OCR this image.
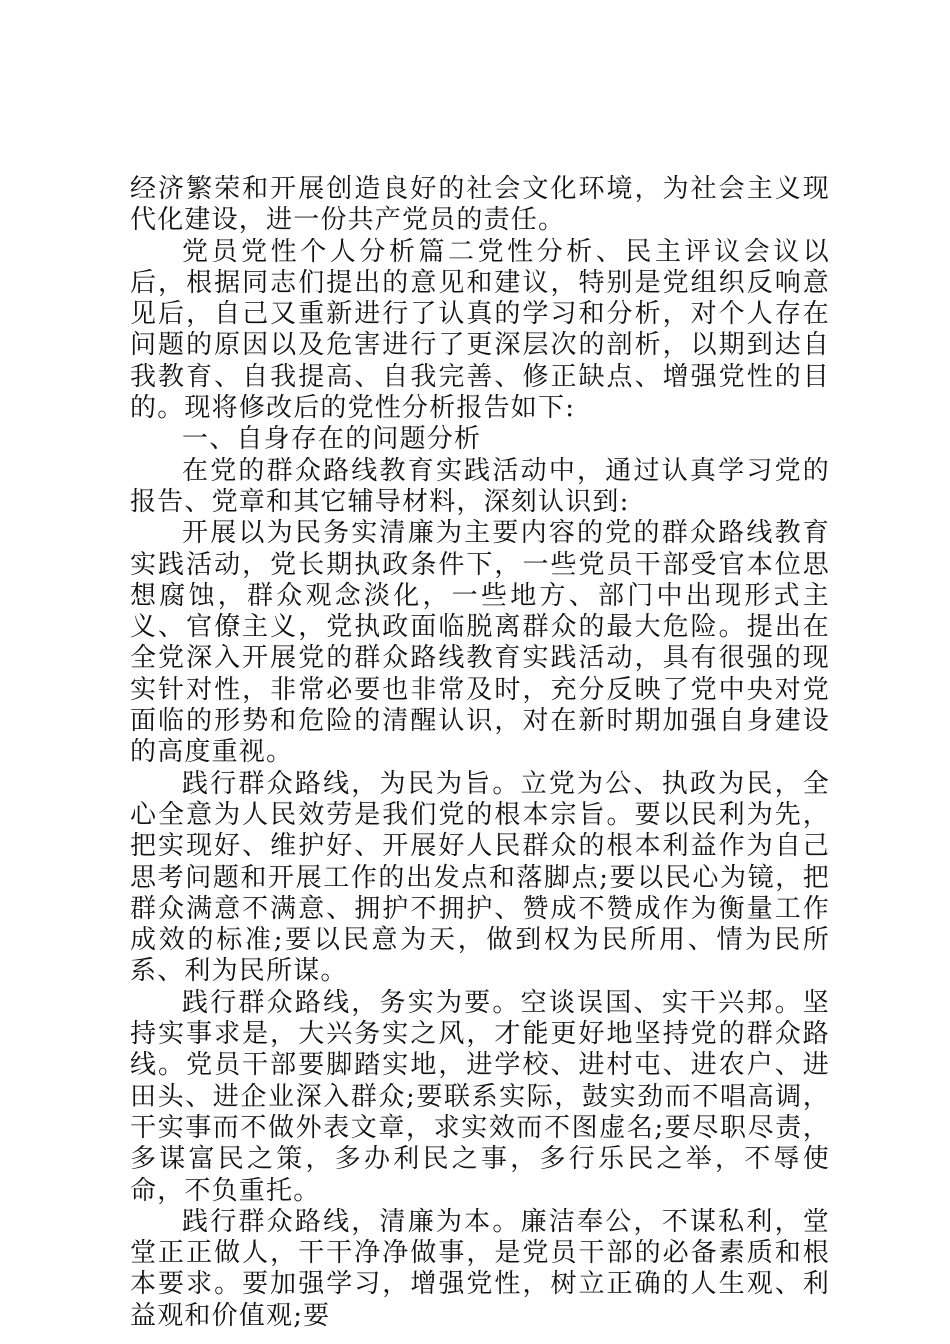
经济繁荣和开展创造良好的社会文化环境，为社会主义现代化建设，进一份共产党员的责任。

党员党性个人分析篇二党性分析、民主评议会议以后，根据同志们提出的意见和建议，特别是党组织反响意见后，自己又重新进行了认真的学习和分析，对个人存在问题的原因以及危害进行了更深层次的剖析，以期到达自我教育、自我提高、自我完善、修正缺点、增强党性的目的。现将修改后的党性分析报告如下:

一、自身存在的问题分析

在党的群众路线教育实践活动中，通过认真学习党的报告、党章和其它辅导材料，深刻认识到:

开展以为民务实清廉为主要内容的党的群众路线教育实践活动，党长期执政条件下，一些党员干部受官本位思想腐蚀，群众观念淡化，一些地方、部门中出现形式主义、官僚主义，党执政面临脱离群众的最大危险。提出在全党深入开展党的群众路线教育实践活动，具有很强的现实针对性，非常必要也非常及时，充分反映了党中央对党面临的形势和危险的清醒认识，对在新时期加强自身建设的高度重视。

践行群众路线，为民为旨。立党为公、执政为民，全心全意为人民效劳是我们党的根本宗旨。要以民利为先，把实现好、维护好、开展好人民群众的根本利益作为自己思考问题和开展工作的出发点和落脚点;要以民心为镜，把群众满意不满意、拥护不拥护、赞成不赞成作为衡量工作成效的标准;要以民意为天，做到权为民所用、情为民所系、利为民所谋。

践行群众路线，务实为要。空谈误国、实干兴邦。坚持实事求是，大兴务实之风，才能更好地坚持党的群众路线。党员干部要脚踏实地，进学校、进村屯、进农户、进田头、进企业深入群众;要联系实际，鼓实劲而不唱高调，干实事而不做外表文章，求实效而不图虚名;要尽职尽责，多谋富民之策，多办利民之事，多行乐民之举，不辱使命，不负重托。

践行群众路线，清廉为本。廉洁奉公，不谋私利，堂堂正正做人，干干净净做事，是党员干部的必备素质和根本要求。要加强学习，增强党性，树立正确的人生观、利益观和价值观;要
